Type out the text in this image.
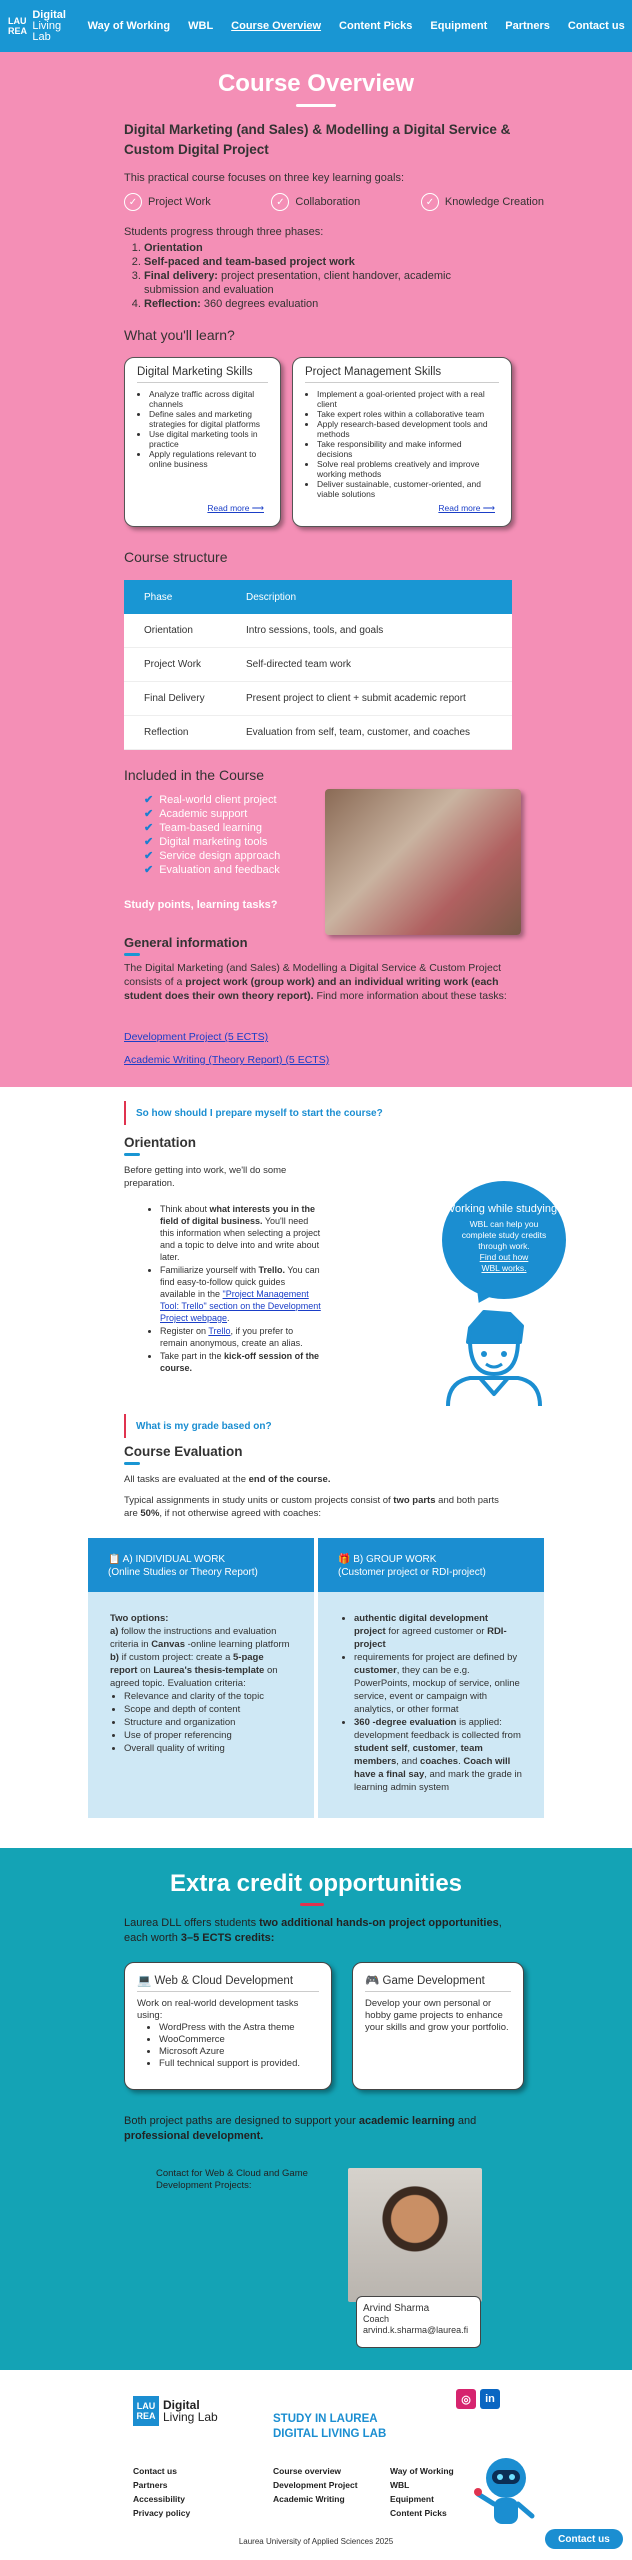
LAU
REA
Digital
Living Lab
Way of Working WBL Course Overview Content Picks Equipment Partners Contact us
Course Overview
Digital Marketing (and Sales) & Modelling a Digital Service & Custom Digital Project
This practical course focuses on three key learning goals:
✓ Project Work	✓ Collaboration	✓ Knowledge Creation
Students progress through three phases:
1. Orientation
2. Self-paced and team-based project work
3. Final delivery: project presentation, client handover, academic submission and evaluation
4. Reflection: 360 degrees evaluation
What you'll learn?
Digital Marketing Skills
• Analyze traffic across digital channels
• Define sales and marketing strategies for digital platforms
• Use digital marketing tools in practice
• Apply regulations relevant to online business
Read more ⟶
Project Management Skills
• Implement a goal-oriented project with a real client
• Take expert roles within a collaborative team
• Apply research-based development tools and methods
• Take responsibility and make informed decisions
• Solve real problems creatively and improve working methods
• Deliver sustainable, customer-oriented, and viable solutions
Read more ⟶
Course structure
Phase	Description
Orientation	Intro sessions, tools, and goals
Project Work	Self-directed team work
Final Delivery	Present project to client + submit academic report
Reflection	Evaluation from self, team, customer, and coaches
Included in the Course
✔ Real-world client project
✔ Academic support
✔ Team-based learning
✔ Digital marketing tools
✔ Service design approach
✔ Evaluation and feedback
Study points, learning tasks?
General information
The Digital Marketing (and Sales) & Modelling a Digital Service & Custom Project consists of a project work (group work) and an individual writing work (each student does their own theory report). Find more information about these tasks:
Development Project (5 ECTS)
Academic Writing (Theory Report) (5 ECTS)
So how should I prepare myself to start the course?
Orientation
Before getting into work, we'll do some preparation.
• Think about what interests you in the field of digital business. You'll need this information when selecting a project and a topic to delve into and write about later.
• Familiarize yourself with Trello. You can find easy-to-follow quick guides available in the "Project Management Tool: Trello" section on the Development Project webpage.
• Register on Trello, if you prefer to remain anonymous, create an alias.
• Take part in the kick-off session of the course.
Working while studying?
WBL can help you complete study credits through work.
Find out how WBL works.
What is my grade based on?
Course Evaluation
All tasks are evaluated at the end of the course.
Typical assignments in study units or custom projects consist of two parts and both parts are 50%, if not otherwise agreed with coaches:
📋 A) INDIVIDUAL WORK
(Online Studies or Theory Report)
Two options:
a) follow the instructions and evaluation criteria in Canvas -online learning platform
b) if custom project: create a 5-page report on Laurea's thesis-template on agreed topic. Evaluation criteria:
• Relevance and clarity of the topic
• Scope and depth of content
• Structure and organization
• Use of proper referencing
• Overall quality of writing
🎁 B) GROUP WORK
(Customer project or RDI-project)
• authentic digital development project for agreed customer or RDI-project
• requirements for project are defined by customer, they can be e.g. PowerPoints, mockup of service, online service, event or campaign with analytics, or other format
• 360 -degree evaluation is applied: development feedback is collected from student self, customer, team members, and coaches. Coach will have a final say, and mark the grade in learning admin system
Extra credit opportunities
Laurea DLL offers students two additional hands-on project opportunities, each worth 3–5 ECTS credits:
💻 Web & Cloud Development
Work on real-world development tasks using:
• WordPress with the Astra theme
• WooCommerce
• Microsoft Azure
• Full technical support is provided.
🎮 Game Development
Develop your own personal or hobby game projects to enhance your skills and grow your portfolio.
Both project paths are designed to support your academic learning and professional development.
Contact for Web & Cloud and Game Development Projects:
Arvind Sharma
Coach
arvind.k.sharma@laurea.fi
LAU
REA
Digital
Living Lab	STUDY IN LAUREA
DIGITAL LIVING LAB
◎	in
Contact us
Partners
Accessibility
Privacy policy
Course overview
Development Project
Academic Writing
Way of Working
WBL
Equipment
Content Picks
Laurea University of Applied Sciences 2025	Contact us
